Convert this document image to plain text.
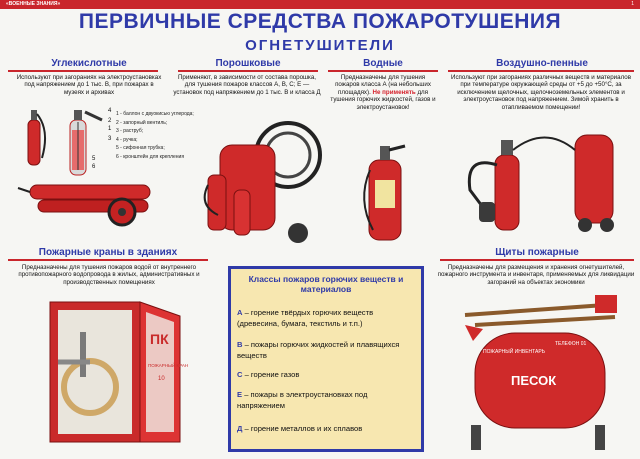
«ВОЕННЫЕ ЗНАНИЯ»	1
ПЕРВИЧНЫЕ СРЕДСТВА ПОЖАРОТУШЕНИЯ
ОГНЕТУШИТЕЛИ
Углекислотные
Используют при загораниях на электроустановках под напряжением до 1 тыс. В, при пожарах в музеях и архивах
1 - баллон с двуокисью углерода;
2 - запорный вентиль;
3 - раструб;
4 - ручка;
5 - сифонная трубка;
6 - кронштейн для крепления
1
2
3
4
5
6
Порошковые
Применяют, в зависимости от состава порошка, для тушения пожаров классов А, В, С; Е — установок под напряжением до 1 тыс. В и класса Д
Водные
Предназначены для тушения пожаров класса А (на небольших площадях). Не применять для тушения горючих жидкостей, газов и электроустановок!
Воздушно-пенные
Используют при загораниях различных веществ и материалов при температуре окружающей среды от +5 до +50°С, за исключением щелочных, щелочноземельных элементов и электроустановок под напряжением. Зимой хранить в отапливаемом помещении!
Пожарные краны в зданиях
Предназначены для тушения пожаров водой от внутреннего противопожарного водопровода в жилых, административных и производственных помещениях
ПК
ПОЖАРНЫЙ КРАН
10
Классы пожаров горючих веществ и материалов
А – горение твёрдых горючих веществ (древесина, бумага, текстиль и т.п.)
В – пожары горючих жидкостей и плавящихся веществ
С – горение газов
Е – пожары в электроустановках под напряжением
Д – горение металлов и их сплавов
Щиты пожарные
Предназначены для размещения и хранения огнетушителей, пожарного инструмента и инвентаря, применяемых для ликвидации загораний на объектах экономики
ПОЖАРНЫЙ ИНВЕНТАРЬ
ТЕЛЕФОН 01
ПЕСОК
